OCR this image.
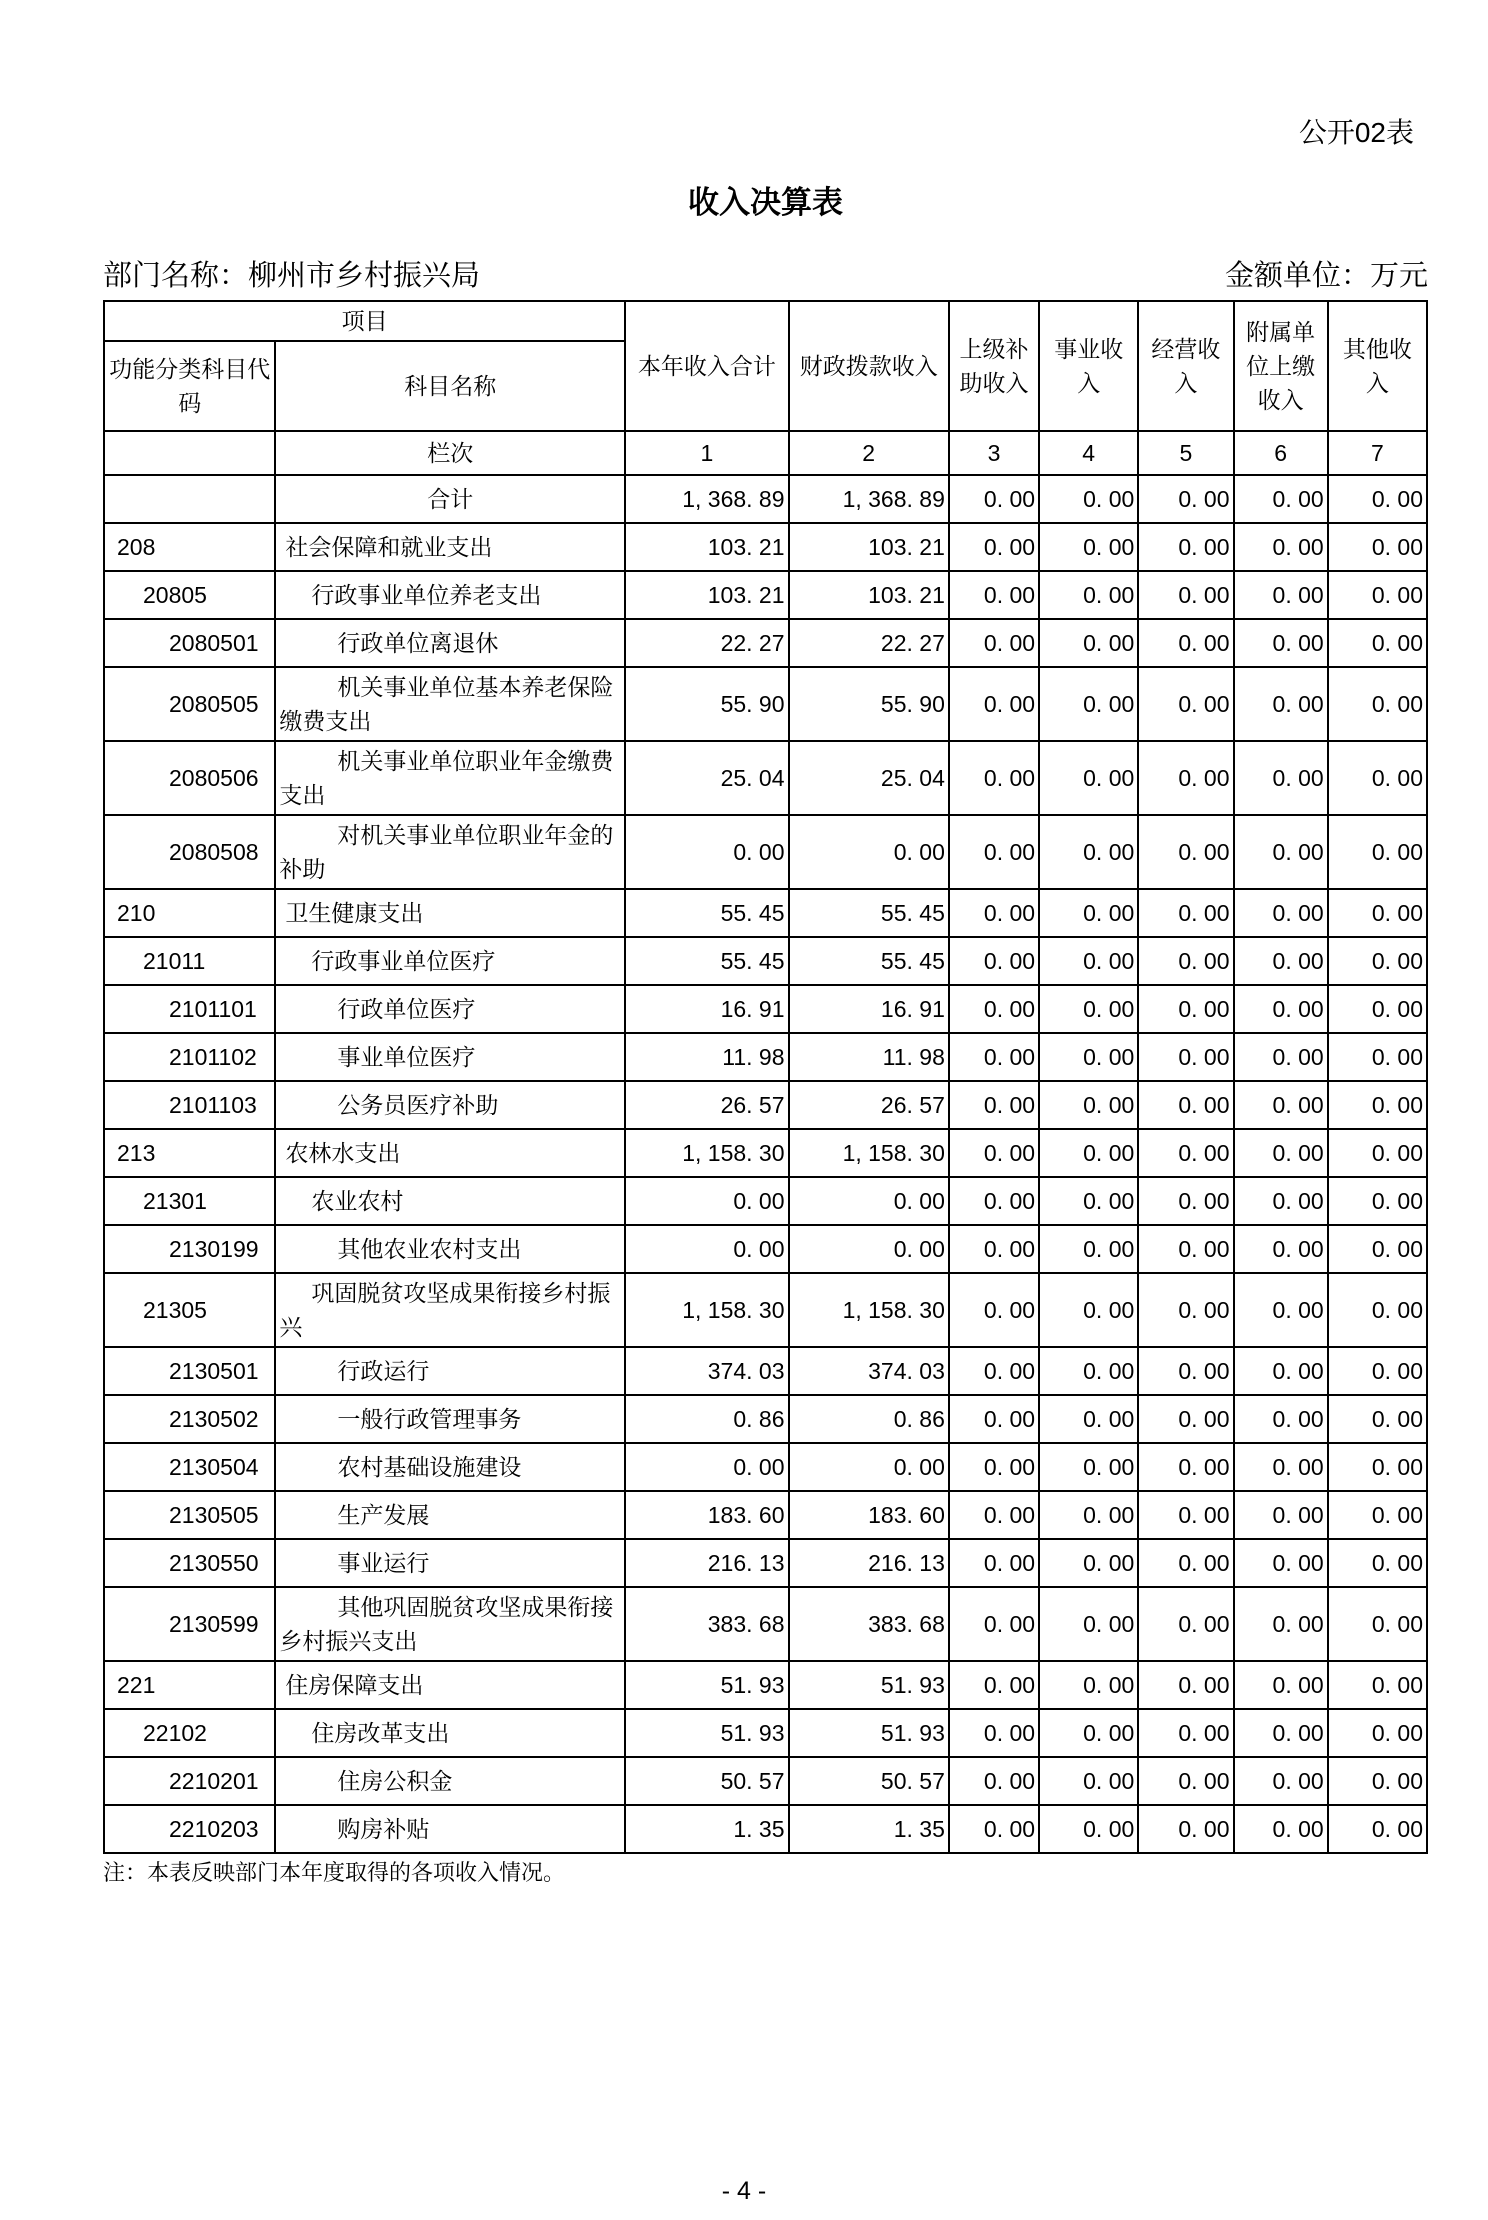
公开02表
收入决算表
部门名称：柳州市乡村振兴局	金额单位：万元
项目		本年收入合计	财政拨款收入	上级补助收入	事业收入	经营收入	附属单位上缴收入	其他收入
功能分类科目代码	科目名称							
	栏次	1	2	3	4	5	6	7
	合计	1, 368. 89	1, 368. 89	0. 00	0. 00	0. 00	0. 00	0. 00
208	社会保障和就业支出	103. 21	103. 21	0. 00	0. 00	0. 00	0. 00	0. 00
20805	行政事业单位养老支出	103. 21	103. 21	0. 00	0. 00	0. 00	0. 00	0. 00
2080501	行政单位离退休	22. 27	22. 27	0. 00	0. 00	0. 00	0. 00	0. 00
2080505	机关事业单位基本养老保险缴费支出	55. 90	55. 90	0. 00	0. 00	0. 00	0. 00	0. 00
2080506	机关事业单位职业年金缴费支出	25. 04	25. 04	0. 00	0. 00	0. 00	0. 00	0. 00
2080508	对机关事业单位职业年金的补助	0. 00	0. 00	0. 00	0. 00	0. 00	0. 00	0. 00
210	卫生健康支出	55. 45	55. 45	0. 00	0. 00	0. 00	0. 00	0. 00
21011	行政事业单位医疗	55. 45	55. 45	0. 00	0. 00	0. 00	0. 00	0. 00
2101101	行政单位医疗	16. 91	16. 91	0. 00	0. 00	0. 00	0. 00	0. 00
2101102	事业单位医疗	11. 98	11. 98	0. 00	0. 00	0. 00	0. 00	0. 00
2101103	公务员医疗补助	26. 57	26. 57	0. 00	0. 00	0. 00	0. 00	0. 00
213	农林水支出	1, 158. 30	1, 158. 30	0. 00	0. 00	0. 00	0. 00	0. 00
21301	农业农村	0. 00	0. 00	0. 00	0. 00	0. 00	0. 00	0. 00
2130199	其他农业农村支出	0. 00	0. 00	0. 00	0. 00	0. 00	0. 00	0. 00
21305	巩固脱贫攻坚成果衔接乡村振兴	1, 158. 30	1, 158. 30	0. 00	0. 00	0. 00	0. 00	0. 00
2130501	行政运行	374. 03	374. 03	0. 00	0. 00	0. 00	0. 00	0. 00
2130502	一般行政管理事务	0. 86	0. 86	0. 00	0. 00	0. 00	0. 00	0. 00
2130504	农村基础设施建设	0. 00	0. 00	0. 00	0. 00	0. 00	0. 00	0. 00
2130505	生产发展	183. 60	183. 60	0. 00	0. 00	0. 00	0. 00	0. 00
2130550	事业运行	216. 13	216. 13	0. 00	0. 00	0. 00	0. 00	0. 00
2130599	其他巩固脱贫攻坚成果衔接乡村振兴支出	383. 68	383. 68	0. 00	0. 00	0. 00	0. 00	0. 00
221	住房保障支出	51. 93	51. 93	0. 00	0. 00	0. 00	0. 00	0. 00
22102	住房改革支出	51. 93	51. 93	0. 00	0. 00	0. 00	0. 00	0. 00
2210201	住房公积金	50. 57	50. 57	0. 00	0. 00	0. 00	0. 00	0. 00
2210203	购房补贴	1. 35	1. 35	0. 00	0. 00	0. 00	0. 00	0. 00
注：本表反映部门本年度取得的各项收入情况。
- 4 -
